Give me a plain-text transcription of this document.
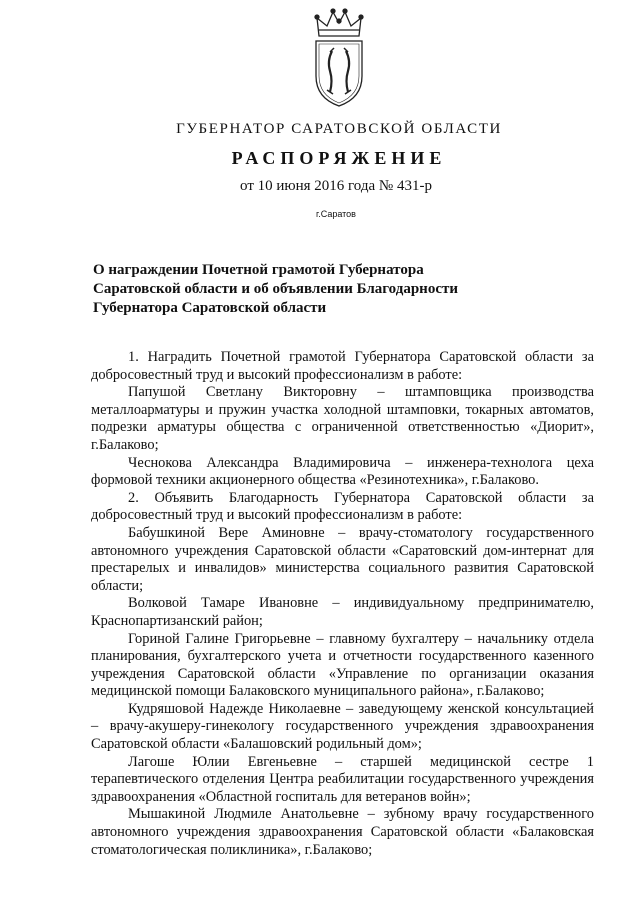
ГУБЕРНАТОР САРАТОВСКОЙ ОБЛАСТИ
РАСПОРЯЖЕНИЕ
от 10 июня 2016 года № 431-р
г.Саратов
О награждении Почетной грамотой Губернатора
Саратовской области и об объявлении Благодарности
Губернатора Саратовской области

1. Наградить Почетной грамотой Губернатора Саратовской области за добросовестный труд и высокий профессионализм в работе:

Папушой Светлану Викторовну – штамповщика производства металлоарматуры и пружин участка холодной штамповки, токарных автоматов, подрезки арматуры общества с ограниченной ответственностью «Диорит», г.Балаково;

Чеснокова Александра Владимировича – инженера-технолога цеха формовой техники акционерного общества «Резинотехника», г.Балаково.

2. Объявить Благодарность Губернатора Саратовской области за добросовестный труд и высокий профессионализм в работе:

Бабушкиной Вере Аминовне – врачу-стоматологу государственного автономного учреждения Саратовской области «Саратовский дом-интернат для престарелых и инвалидов» министерства социального развития Саратовской области;

Волковой Тамаре Ивановне – индивидуальному предпринимателю, Краснопартизанский район;

Гориной Галине Григорьевне – главному бухгалтеру – начальнику отдела планирования, бухгалтерского учета и отчетности государственного казенного учреждения Саратовской области «Управление по организации оказания медицинской помощи Балаковского муниципального района», г.Балаково;

Кудряшовой Надежде Николаевне – заведующему женской консультацией – врачу-акушеру-гинекологу государственного учреждения здравоохранения Саратовской области «Балашовский родильный дом»;

Лагоше Юлии Евгеньевне – старшей медицинской сестре 1 терапевтического отделения Центра реабилитации государственного учреждения здравоохранения «Областной госпиталь для ветеранов войн»;

Мышакиной Людмиле Анатольевне – зубному врачу государственного автономного учреждения здравоохранения Саратовской области «Балаковская стоматологическая поликлиника», г.Балаково;
